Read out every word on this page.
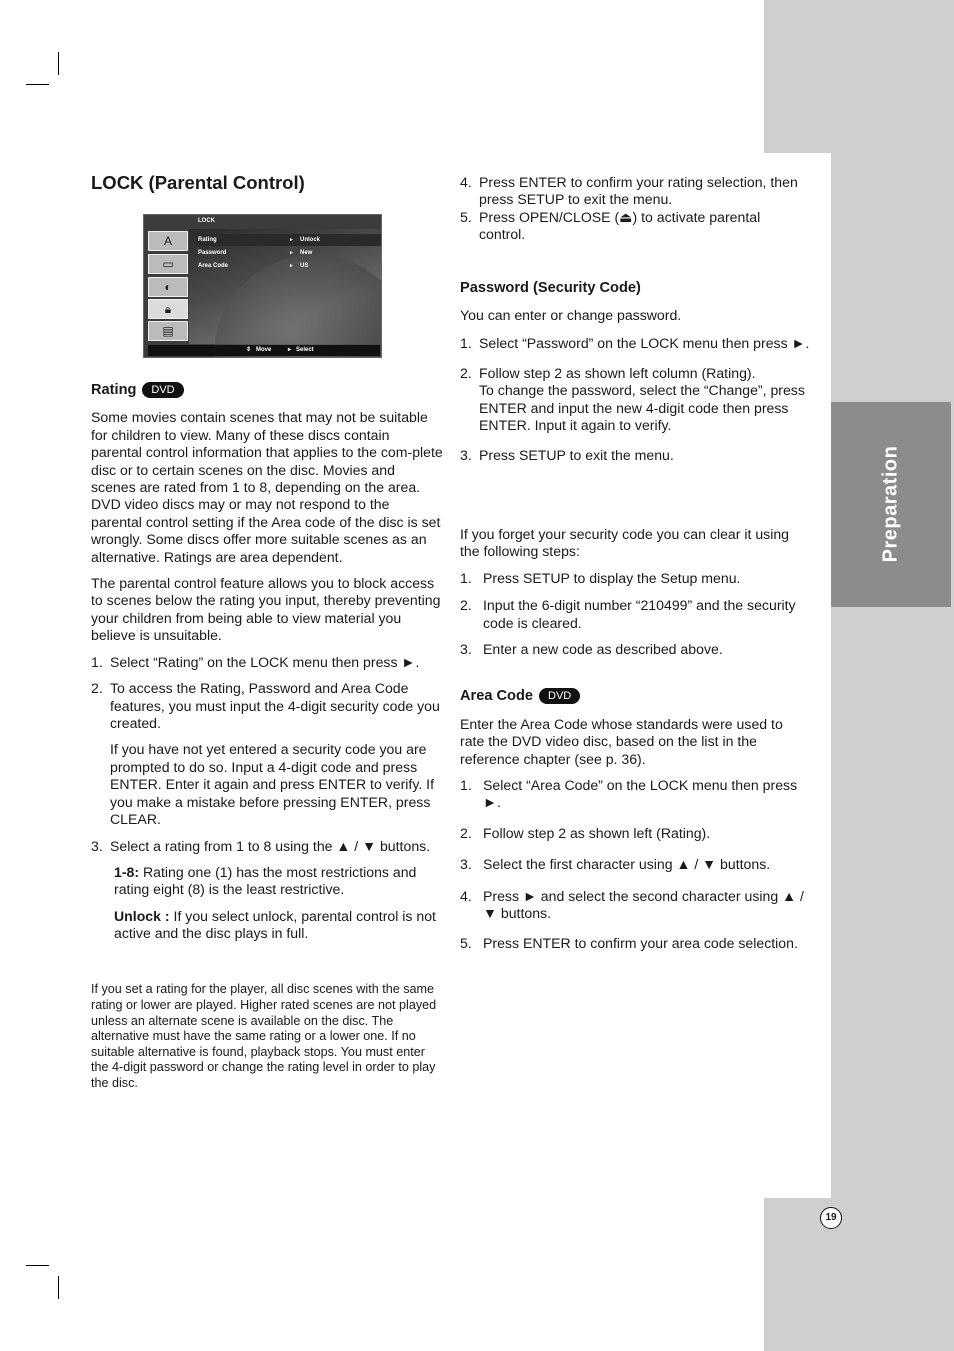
Preparation
19
LOCK (Parental Control)
LOCK
A
▭
◐
🔒︎
▤
Rating	► Unlock
Password	► New
Area Code	► US
⇕ Move	▸ Select
Rating DVD

Some movies contain scenes that may not be suitable for children to view. Many of these discs contain parental control information that applies to the com-plete disc or to certain scenes on the disc. Movies and scenes are rated from 1 to 8, depending on the area. DVD video discs may or may not respond to the parental control setting if the Area code of the disc is set wrongly. Some discs offer more suitable scenes as an alternative. Ratings are area dependent.

The parental control feature allows you to block access to scenes below the rating you input, thereby preventing your children from being able to view material you believe is unsuitable.

1. Select “Rating” on the LOCK menu then press ►.
2. To access the Rating, Password and Area Code features, you must input the 4-digit security code you created.

If you have not yet entered a security code you are prompted to do so. Input a 4-digit code and press ENTER. Enter it again and press ENTER to verify. If you make a mistake before pressing ENTER, press CLEAR.

3. Select a rating from 1 to 8 using the ▲ / ▼ buttons.

1-8: Rating one (1) has the most restrictions and rating eight (8) is the least restrictive.

Unlock : If you select unlock, parental control is not active and the disc plays in full.

If you set a rating for the player, all disc scenes with the same rating or lower are played. Higher rated scenes are not played unless an alternate scene is available on the disc. The alternative must have the same rating or a lower one. If no suitable alternative is found, playback stops. You must enter the 4-digit password or change the rating level in order to play the disc.

4. Press ENTER to confirm your rating selection, then press SETUP to exit the menu.
5. Press OPEN/CLOSE (⏏) to activate parental control.
Password (Security Code)

You can enter or change password.

1. Select “Password” on the LOCK menu then press ►.
2. Follow step 2 as shown left column (Rating).

To change the password, select the “Change”, press ENTER and input the new 4-digit code then press ENTER. Input it again to verify.

3. Press SETUP to exit the menu.

If you forget your security code you can clear it using the following steps:

1. Press SETUP to display the Setup menu.
2. Input the 6-digit number “210499” and the security code is cleared.
3. Enter a new code as described above.
Area Code DVD

Enter the Area Code whose standards were used to rate the DVD video disc, based on the list in the reference chapter (see p. 36).

1. Select “Area Code” on the LOCK menu then press ►.
2. Follow step 2 as shown left (Rating).
3. Select the first character using ▲ / ▼ buttons.
4. Press ► and select the second character using ▲ / ▼ buttons.
5. Press ENTER to confirm your area code selection.
